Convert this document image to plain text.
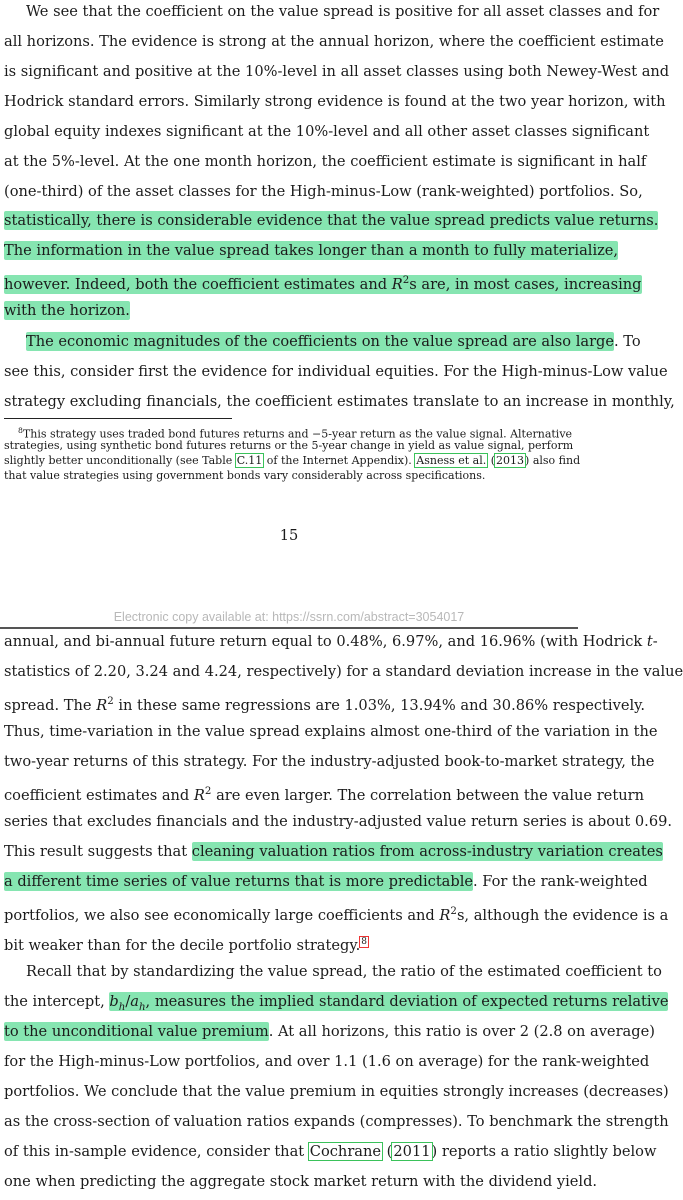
We see that the coefficient on the value spread is positive for all asset classes and for
all horizons. The evidence is strong at the annual horizon, where the coefficient estimate
is significant and positive at the 10%-level in all asset classes using both Newey-West and
Hodrick standard errors. Similarly strong evidence is found at the two year horizon, with
global equity indexes significant at the 10%-level and all other asset classes significant
at the 5%-level. At the one month horizon, the coefficient estimate is significant in half
(one-third) of the asset classes for the High-minus-Low (rank-weighted) portfolios. So,
statistically, there is considerable evidence that the value spread predicts value returns.
The information in the value spread takes longer than a month to fully materialize,
however. Indeed, both the coefficient estimates and $R^2s$ are, in most cases, increasing
with the horizon.
The economic magnitudes of the coefficients on the value spread are also large. To
see this, consider first the evidence for individual equities. For the High-minus-Low value
strategy excluding financials, the coefficient estimates translate to an increase in monthly,
$^8$This strategy uses traded bond futures returns and −5-year return as the value signal. Alternative
strategies, using synthetic bond futures returns or the 5-year change in yield as value signal, perform
slightly better unconditionally (see Table C.11 of the Internet Appendix). Asness et al. (2013) also find
that value strategies using government bonds vary considerably across specifications.
15
Electronic copy available at: https://ssrn.com/abstract=3054017
annual, and bi-annual future return equal to 0.48%, 6.97%, and 16.96% (with Hodrick t-
statistics of 2.20, 3.24 and 4.24, respectively) for a standard deviation increase in the value
spread. The $R^2$ in these same regressions are 1.03%, 13.94% and 30.86% respectively.
Thus, time-variation in the value spread explains almost one-third of the variation in the
two-year returns of this strategy. For the industry-adjusted book-to-market strategy, the
coefficient estimates and $R^2$ are even larger. The correlation between the value return
series that excludes financials and the industry-adjusted value return series is about 0.69.
This result suggests that cleaning valuation ratios from across-industry variation creates
a different time series of value returns that is more predictable. For the rank-weighted
portfolios, we also see economically large coefficients and $R^2s$, although the evidence is a
bit weaker than for the decile portfolio strategy.$^8$
Recall that by standardizing the value spread, the ratio of the estimated coefficient to
the intercept, $b_h/a_h$, measures the implied standard deviation of expected returns relative
to the unconditional value premium. At all horizons, this ratio is over 2 (2.8 on average)
for the High-minus-Low portfolios, and over 1.1 (1.6 on average) for the rank-weighted
portfolios. We conclude that the value premium in equities strongly increases (decreases)
as the cross-section of valuation ratios expands (compresses). To benchmark the strength
of this in-sample evidence, consider that Cochrane (2011) reports a ratio slightly below
one when predicting the aggregate stock market return with the dividend yield.
